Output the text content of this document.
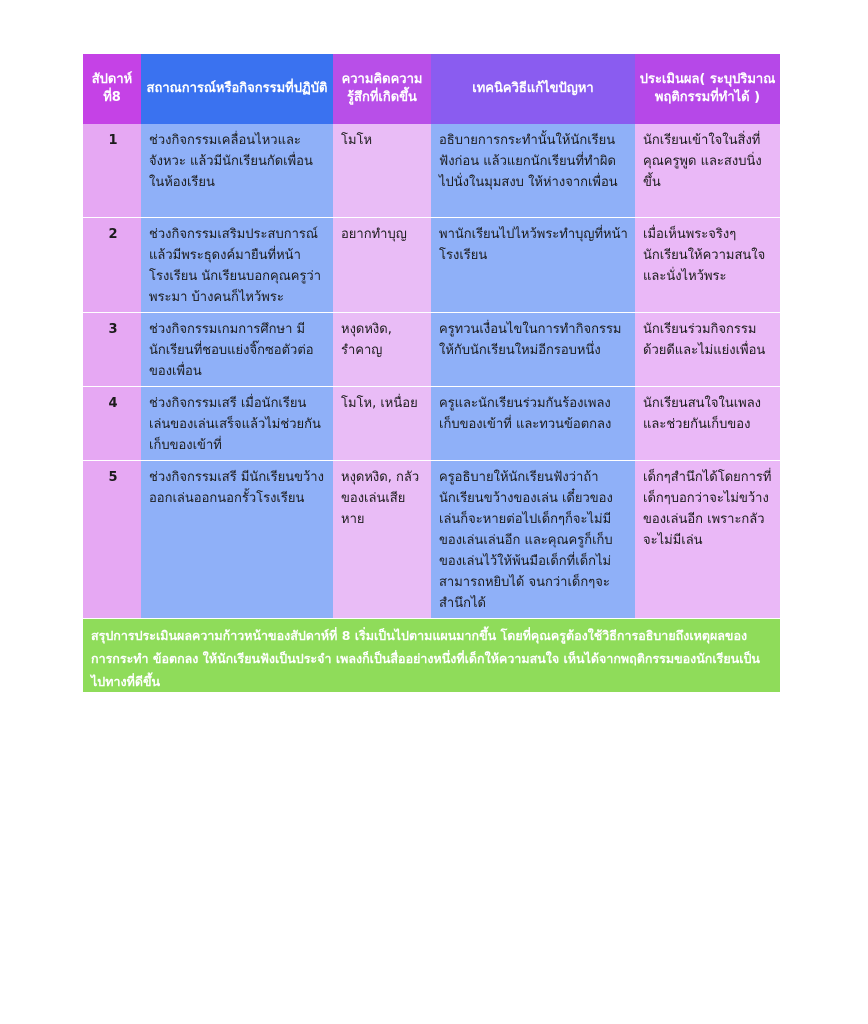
สัปดาห์ที่8	สถาณการณ์หรือกิจกรรมที่ปฏิบัติ	ความคิดความรู้สึกที่เกิดขึ้น	เทคนิควิธีแก้ไขปัญหา	ประเมินผล( ระบุปริมาณพฤติกรรมที่ทำได้ )
1	ช่วงกิจกรรมเคลื่อนไหวและจังหวะ แล้วมีนักเรียนกัดเพื่อนในห้องเรียน	โมโห	อธิบายการกระทำนั้นให้นักเรียนฟังก่อน แล้วแยกนักเรียนที่ทำผิดไปนั่งในมุมสงบ ให้ห่างจากเพื่อน	นักเรียนเข้าใจในสิ่งที่คุณครูพูด และสงบนิ่งขึ้น
2	ช่วงกิจกรรมเสริมประสบการณ์ แล้วมีพระธุดงค์มายืนที่หน้าโรงเรียน นักเรียนบอกคุณครูว่าพระมา บ้างคนก็ไหว้พระ	อยากทำบุญ	พานักเรียนไปไหว้พระทำบุญที่หน้าโรงเรียน	เมื่อเห็นพระจริงๆ นักเรียนให้ความสนใจและนั่งไหว้พระ
3	ช่วงกิจกรรมเกมการศึกษา มีนักเรียนที่ชอบแย่งจิ๊กซอตัวต่อของเพื่อน	หงุดหงิด, รำคาญ	ครูทวนเงื่อนไขในการทำกิจกรรมให้กับนักเรียนใหม่อีกรอบหนึ่ง	นักเรียนร่วมกิจกรรมด้วยดีและไม่แย่งเพื่อน
4	ช่วงกิจกรรมเสรี เมื่อนักเรียนเล่นของเล่นเสร็จแล้วไม่ช่วยกันเก็บของเข้าที่	โมโห, เหนื่อย	ครูและนักเรียนร่วมกันร้องเพลงเก็บของเข้าที่ และทวนข้อตกลง	นักเรียนสนใจในเพลงและช่วยกันเก็บของ
5	ช่วงกิจกรรมเสรี มีนักเรียนขว้างออกเล่นออกนอกรั้วโรงเรียน	หงุดหงิด, กลัวของเล่นเสียหาย	ครูอธิบายให้นักเรียนฟังว่าถ้านักเรียนขว้างของเล่น เดี๋ยวของเล่นก็จะหายต่อไปเด็กๆก็จะไม่มีของเล่นเล่นอีก และคุณครูก็เก็บของเล่นไว้ให้พ้นมือเด็กที่เด็กไม่สามารถหยิบได้ จนกว่าเด็กๆจะสำนึกได้	เด็กๆสำนึกได้โดยการที่เด็กๆบอกว่าจะไม่ขว้างของเล่นอีก เพราะกลัวจะไม่มีเล่น
สรุปการประเมินผลความก้าวหน้าของสัปดาห์ที่ 8 เริ่มเป็นไปตามแผนมากขึ้น โดยที่คุณครูต้องใช้วิธีการอธิบายถึงเหตุผลของการกระทำ ข้อตกลง ให้นักเรียนฟังเป็นประจำ เพลงก็เป็นสื่ออย่างหนึ่งที่เด็กให้ความสนใจ เห็นได้จากพฤติกรรมของนักเรียนเป็นไปทางที่ดีขึ้น
